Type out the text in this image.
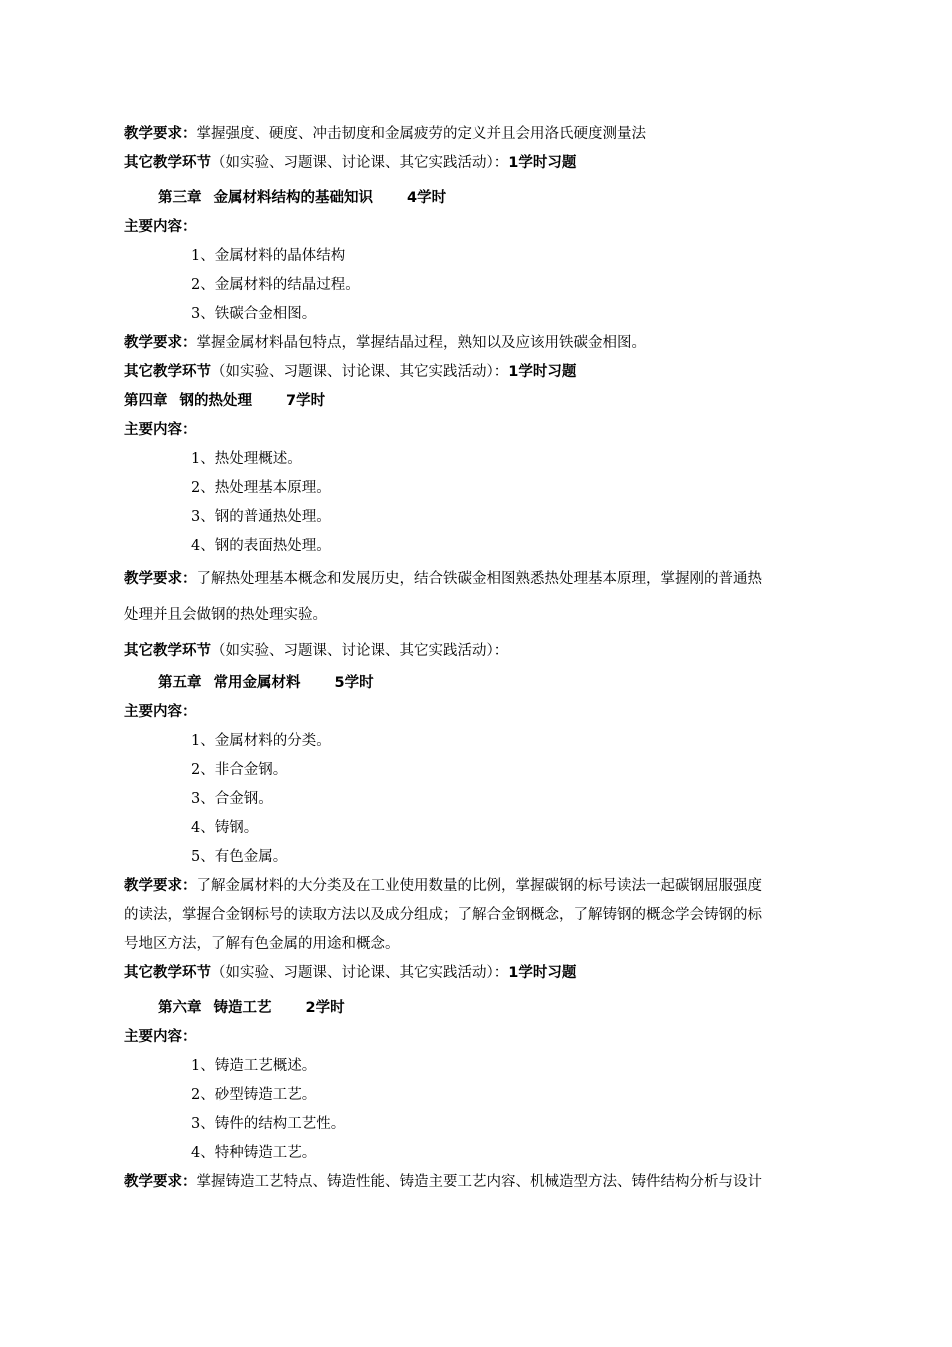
教学要求：掌握强度、硬度、冲击韧度和金属疲劳的定义并且会用洛氏硬度测量法
其它教学环节（如实验、习题课、讨论课、其它实践活动）：1学时习题
第三章 金属材料结构的基础知识 4学时
主要内容：
1、金属材料的晶体结构
2、金属材料的结晶过程。
3、铁碳合金相图。
教学要求：掌握金属材料晶包特点，掌握结晶过程，熟知以及应该用铁碳金相图。
其它教学环节（如实验、习题课、讨论课、其它实践活动）：1学时习题
第四章 钢的热处理 7学时
主要内容：
1、热处理概述。
2、热处理基本原理。
3、钢的普通热处理。
4、钢的表面热处理。
教学要求：了解热处理基本概念和发展历史，结合铁碳金相图熟悉热处理基本原理，掌握刚的普通热
处理并且会做钢的热处理实验。
其它教学环节（如实验、习题课、讨论课、其它实践活动）：
第五章 常用金属材料 5学时
主要内容：
1、金属材料的分类。
2、非合金钢。
3、合金钢。
4、铸钢。
5、有色金属。
教学要求：了解金属材料的大分类及在工业使用数量的比例，掌握碳钢的标号读法一起碳钢屈服强度
的读法，掌握合金钢标号的读取方法以及成分组成；了解合金钢概念，了解铸钢的概念学会铸钢的标
号地区方法，了解有色金属的用途和概念。
其它教学环节（如实验、习题课、讨论课、其它实践活动）：1学时习题
第六章 铸造工艺 2学时
主要内容：
1、铸造工艺概述。
2、砂型铸造工艺。
3、铸件的结构工艺性。
4、特种铸造工艺。
教学要求：掌握铸造工艺特点、铸造性能、铸造主要工艺内容、机械造型方法、铸件结构分析与设计
